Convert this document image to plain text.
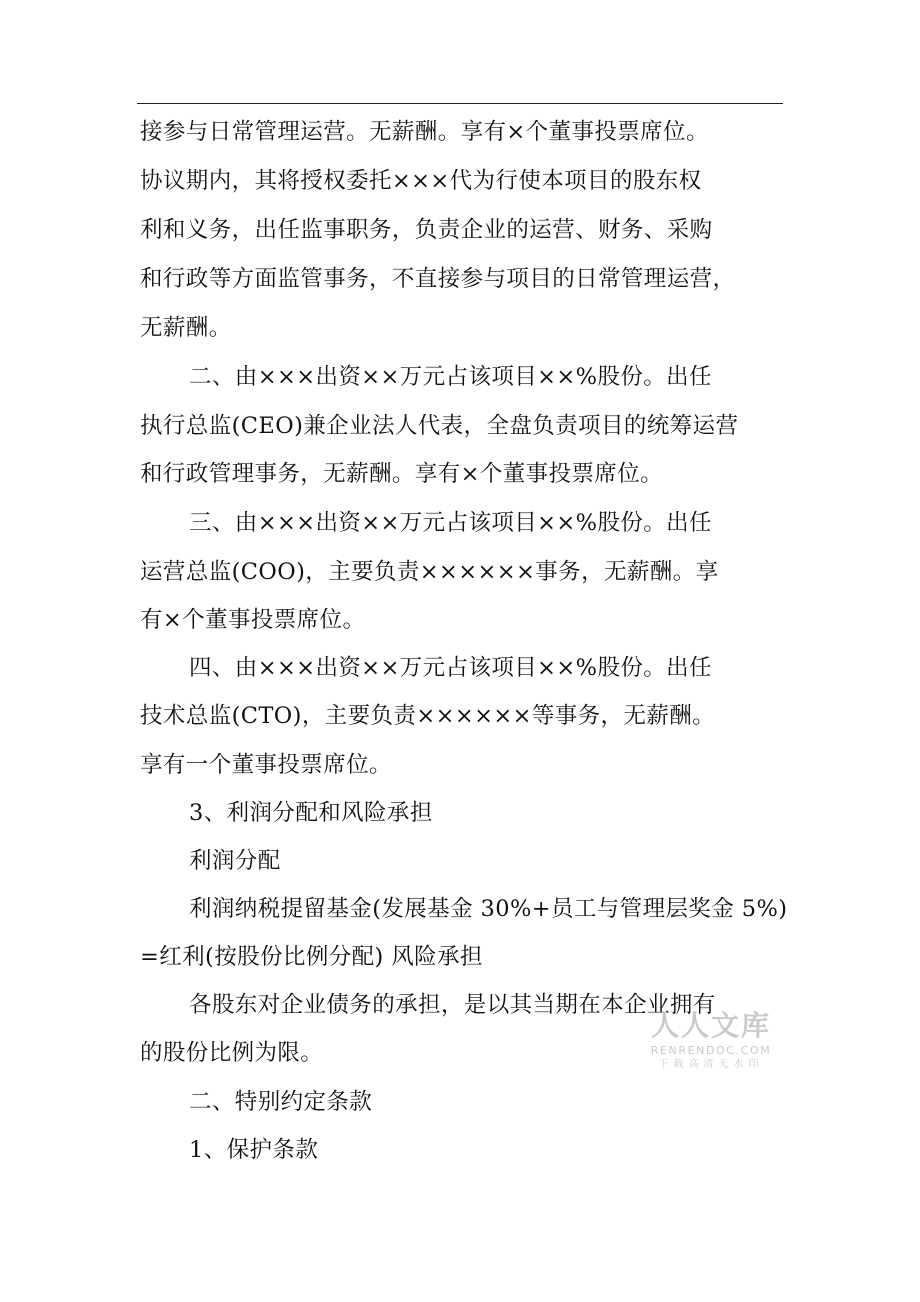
接参与日常管理运营。无薪酬。享有×个董事投票席位。
协议期内，其将授权委托×××代为行使本项目的股东权
利和义务，出任监事职务，负责企业的运营、财务、采购
和行政等方面监管事务，不直接参与项目的日常管理运营，
无薪酬。
二、由×××出资××万元占该项目××%股份。出任
执行总监(CEO)兼企业法人代表，全盘负责项目的统筹运营
和行政管理事务，无薪酬。享有×个董事投票席位。
三、由×××出资××万元占该项目××%股份。出任
运营总监(COO)，主要负责××××××事务，无薪酬。享
有×个董事投票席位。
四、由×××出资××万元占该项目××%股份。出任
技术总监(CTO)，主要负责××××××等事务，无薪酬。
享有一个董事投票席位。
3、利润分配和风险承担
利润分配
利润纳税提留基金(发展基金 30%+员工与管理层奖金 5%)
=红利(按股份比例分配) 风险承担
各股东对企业债务的承担，是以其当期在本企业拥有
的股份比例为限。
二、特别约定条款
1、保护条款
人人文库
RENRENDOC.COM
下载高清无水印
